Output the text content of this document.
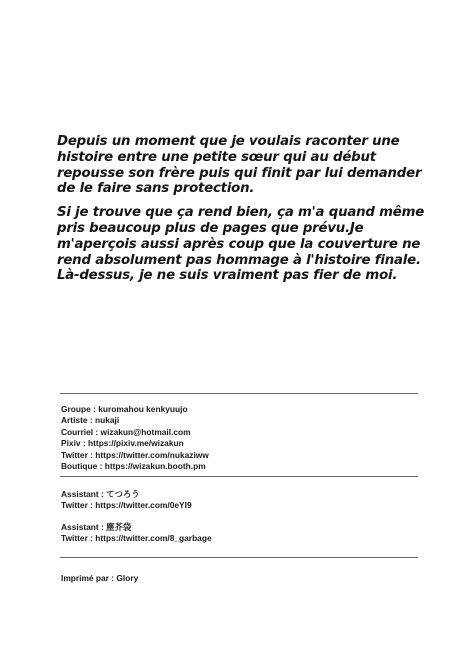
Depuis un moment que je voulais raconter une
histoire entre une petite sœur qui au début
repousse son frère puis qui finit par lui demander
de le faire sans protection.
Si je trouve que ça rend bien, ça m'a quand même
pris beaucoup plus de pages que prévu.Je
m'aperçois aussi après coup que la couverture ne
rend absolument pas hommage à l'histoire finale.
Là-dessus, je ne suis vraiment pas fier de moi.
Groupe : kuromahou kenkyuujo
Artiste : nukaji
Courriel : wizakun@hotmail.com
Pixiv : https://pixiv.me/wizakun
Twitter : https://twitter.com/nukaziww
Boutique : https://wizakun.booth.pm
Assistant : てつろう
Twitter : https://twitter.com/0eYI9
Assistant : 塵芥袋
Twitter : https://twitter.com/8_garbage
Imprimé par : Glory
